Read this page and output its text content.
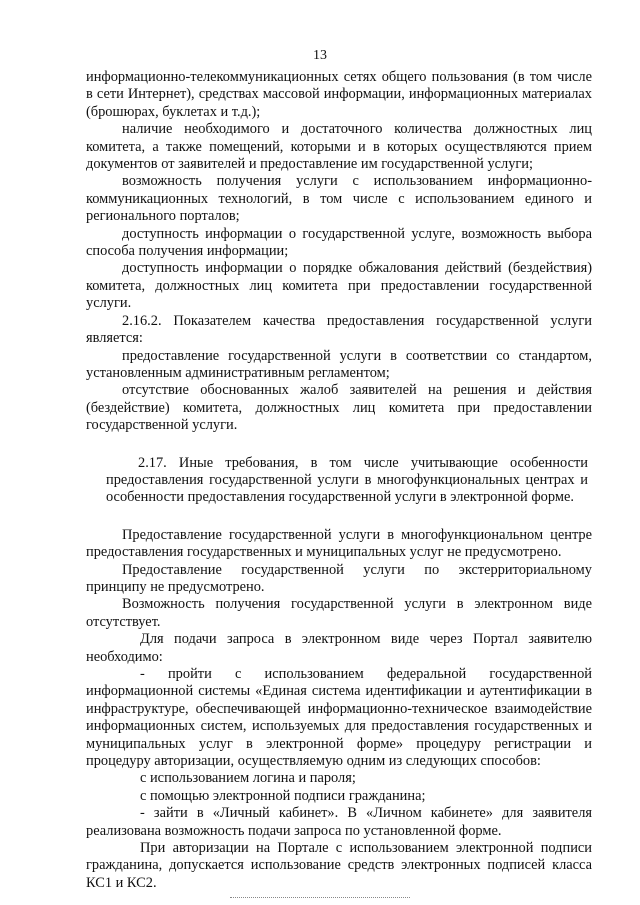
13

информационно-телекоммуникационных сетях общего пользования (в том числе в сети Интернет), средствах массовой информации, информационных материалах (брошюрах, буклетах и т.д.);

наличие необходимого и достаточного количества должностных лиц комитета, а также помещений, которыми и в которых осуществляются прием документов от заявителей и предоставление им государственной услуги;

возможность получения услуги с использованием информационно-коммуникационных технологий, в том числе с использованием единого и регионального порталов;

доступность информации о государственной услуге, возможность выбора способа получения информации;

доступность информации о порядке обжалования действий (бездействия) комитета, должностных лиц комитета при предоставлении государственной услуги.

2.16.2. Показателем качества предоставления государственной услуги является:

предоставление государственной услуги в соответствии со стандартом, установленным административным регламентом;

отсутствие обоснованных жалоб заявителей на решения и действия (бездействие) комитета, должностных лиц комитета при предоставлении государственной услуги.

2.17. Иные требования, в том числе учитывающие особенности предоставления государственной услуги в многофункциональных центрах и особенности предоставления государственной услуги в электронной форме.

Предоставление государственной услуги в многофункциональном центре предоставления государственных и муниципальных услуг не предусмотрено.

Предоставление государственной услуги по экстерриториальному принципу не предусмотрено.

Возможность получения государственной услуги в электронном виде отсутствует.

Для подачи запроса в электронном виде через Портал заявителю необходимо:

- пройти с использованием федеральной государственной информационной системы «Единая система идентификации и аутентификации в инфраструктуре, обеспечивающей информационно-техническое взаимодействие информационных систем, используемых для предоставления государственных и муниципальных услуг в электронной форме» процедуру регистрации и процедуру авторизации, осуществляемую одним из следующих способов:

с использованием логина и пароля;

с помощью электронной подписи гражданина;

- зайти в «Личный кабинет». В «Личном кабинете» для заявителя реализована возможность подачи запроса по установленной форме.

При авторизации на Портале с использованием электронной подписи гражданина, допускается использование средств электронных подписей класса КС1 и КС2.
